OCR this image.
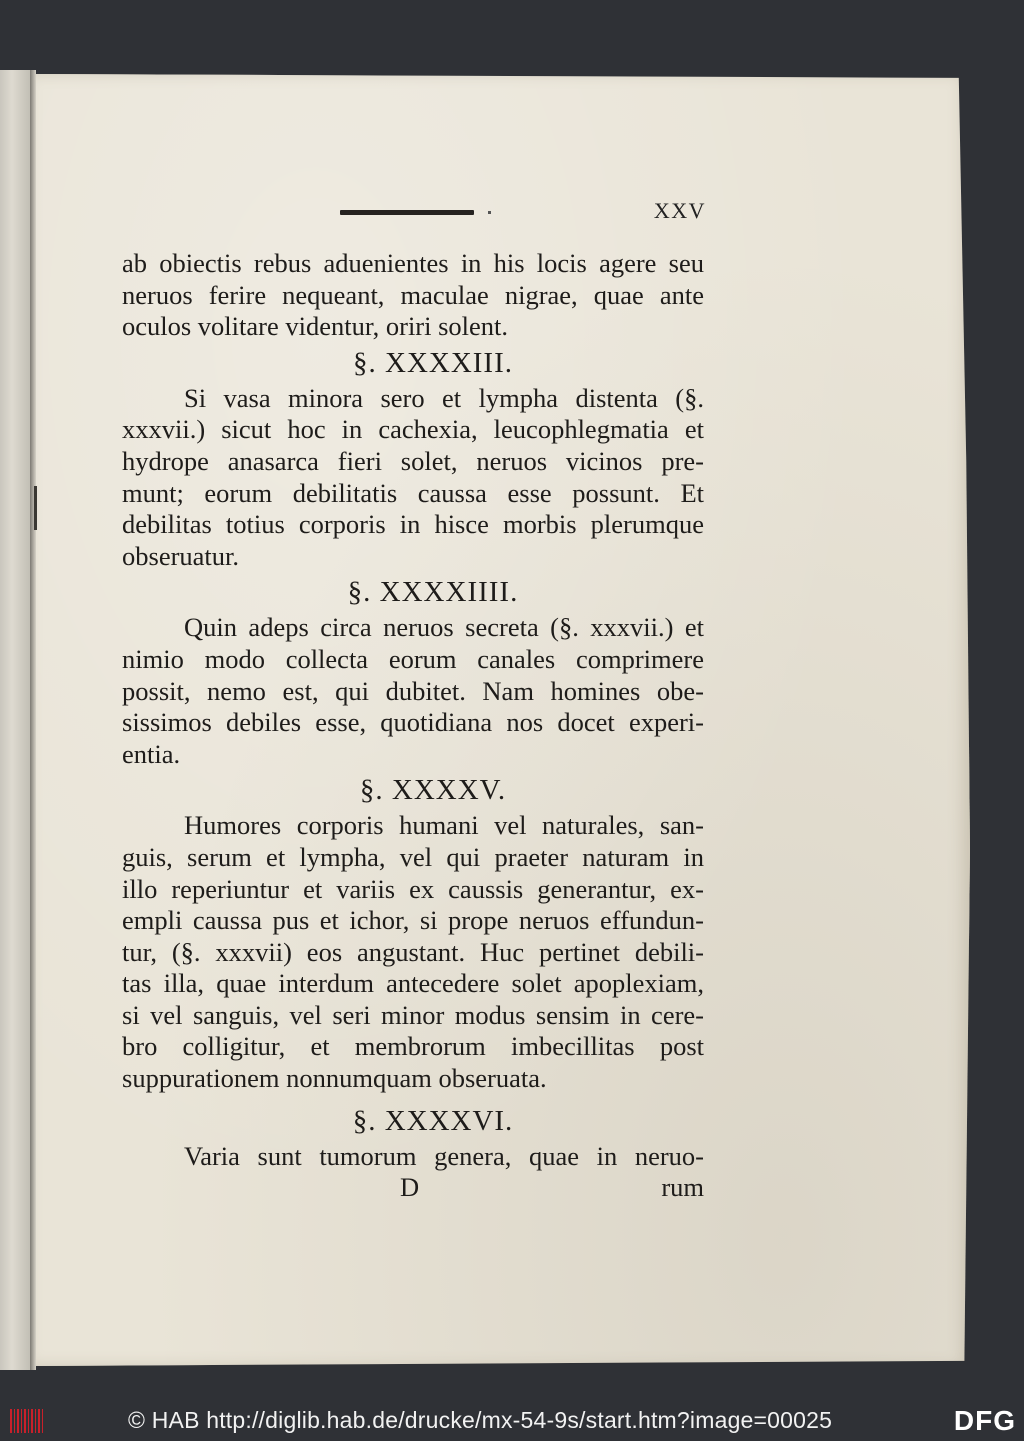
XXV
ab obiectis rebus aduenientes in his locis agere seu
neruos ferire nequeant, maculae nigrae, quae ante
oculos volitare videntur, oriri solent.
§. XXXXIII.
Si vasa minora sero et lympha distenta (§.
xxxvii.) sicut hoc in cachexia, leucophlegmatia et
hydrope anasarca fieri solet, neruos vicinos pre-
munt; eorum debilitatis caussa esse possunt. Et
debilitas totius corporis in hisce morbis plerumque
obseruatur.
§. XXXXIIII.
Quin adeps circa neruos secreta (§. xxxvii.) et
nimio modo collecta eorum canales comprimere
possit, nemo est, qui dubitet. Nam homines obe-
sissimos debiles esse, quotidiana nos docet experi-
entia.
§. XXXXV.
Humores corporis humani vel naturales, san-
guis, serum et lympha, vel qui praeter naturam in
illo reperiuntur et variis ex caussis generantur, ex-
empli caussa pus et ichor, si prope neruos effundun-
tur, (§. xxxvii) eos angustant. Huc pertinet debili-
tas illa, quae interdum antecedere solet apoplexiam,
si vel sanguis, vel seri minor modus sensim in cere-
bro colligitur, et membrorum imbecillitas post
suppurationem nonnumquam obseruata.
§. XXXXVI.
Varia sunt tumorum genera, quae in neruo-
D	rum
© HAB http://diglib.hab.de/drucke/mx-54-9s/start.htm?image=00025	DFG
